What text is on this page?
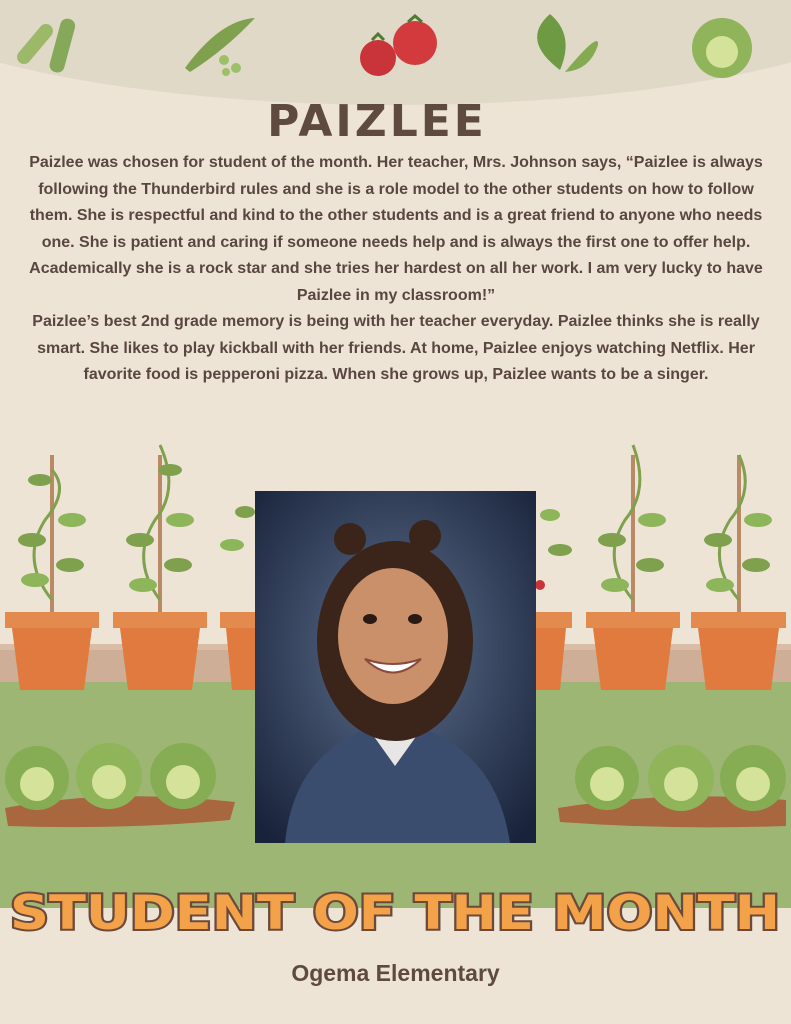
PAIZLEE

Paizlee was chosen for student of the month. Her teacher, Mrs. Johnson says, “Paizlee is always following the Thunderbird rules and she is a role model to the other students on how to follow them. She is respectful and kind to the other students and is a great friend to anyone who needs one. She is patient and caring if someone needs help and is always the first one to offer help. Academically she is a rock star and she tries her hardest on all her work. I am very lucky to have Paizlee in my classroom!”

Paizlee’s best 2nd grade memory is being with her teacher everyday. Paizlee thinks she is really smart. She likes to play kickball with her friends. At home, Paizlee enjoys watching Netflix. Her favorite food is pepperoni pizza. When she grows up, Paizlee wants to be a singer.

STUDENT OF THE MONTH
Ogema Elementary
